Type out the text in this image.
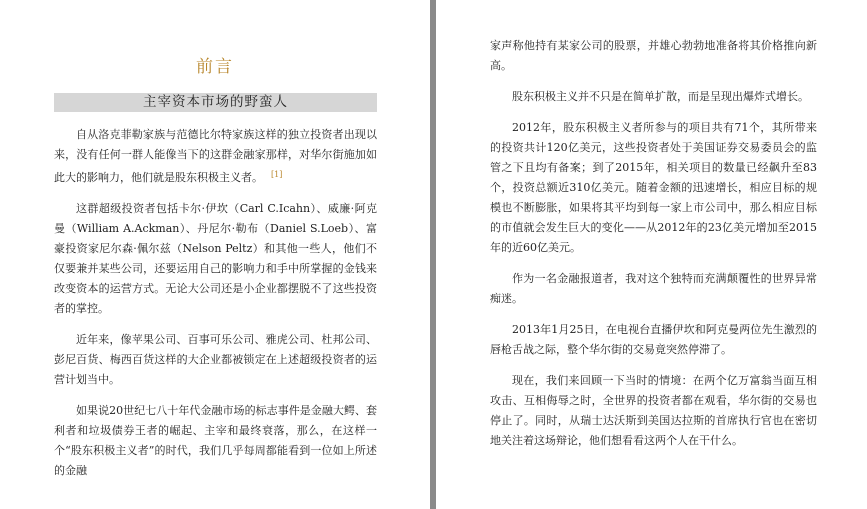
前言
主宰资本市场的野蛮人

自从洛克菲勒家族与范德比尔特家族这样的独立投资者出现以来，没有任何一群人能像当下的这群金融家那样，对华尔街施加如此大的影响力，他们就是股东积极主义者。 [1]

这群超级投资者包括卡尔·伊坎（Carl C.Icahn）、威廉·阿克曼（William A.Ackman）、丹尼尔·勒布（Daniel S.Loeb）、富豪投资家尼尔森·佩尔兹（Nelson Peltz）和其他一些人，他们不仅要兼并某些公司，还要运用自己的影响力和手中所掌握的金钱来改变资本的运营方式。无论大公司还是小企业都摆脱不了这些投资者的掌控。

近年来，像苹果公司、百事可乐公司、雅虎公司、杜邦公司、彭尼百货、梅西百货这样的大企业都被锁定在上述超级投资者的运营计划当中。

如果说20世纪七八十年代金融市场的标志事件是金融大鳄、套利者和垃圾债券王者的崛起、主宰和最终衰落，那么，在这样一个“股东积极主义者”的时代，我们几乎每周都能看到一位如上所述的金融

家声称他持有某家公司的股票，并雄心勃勃地准备将其价格推向新高。

股东积极主义并不只是在简单扩散，而是呈现出爆炸式增长。

2012年，股东积极主义者所参与的项目共有71个，其所带来的投资共计120亿美元，这些投资者处于美国证券交易委员会的监管之下且均有备案；到了2015年，相关项目的数量已经飙升至83个，投资总额近310亿美元。随着金额的迅速增长，相应目标的规模也不断膨胀，如果将其平均到每一家上市公司中，那么相应目标的市值就会发生巨大的变化——从2012年的23亿美元增加至2015年的近60亿美元。

作为一名金融报道者，我对这个独特而充满颠覆性的世界异常痴迷。

2013年1月25日，在电视台直播伊坎和阿克曼两位先生激烈的唇枪舌战之际，整个华尔街的交易竟突然停滞了。

现在，我们来回顾一下当时的情境：在两个亿万富翁当面互相攻击、互相侮辱之时，全世界的投资者都在观看，华尔街的交易也停止了。同时，从瑞士达沃斯到美国达拉斯的首席执行官也在密切地关注着这场辩论，他们想看看这两个人在干什么。
